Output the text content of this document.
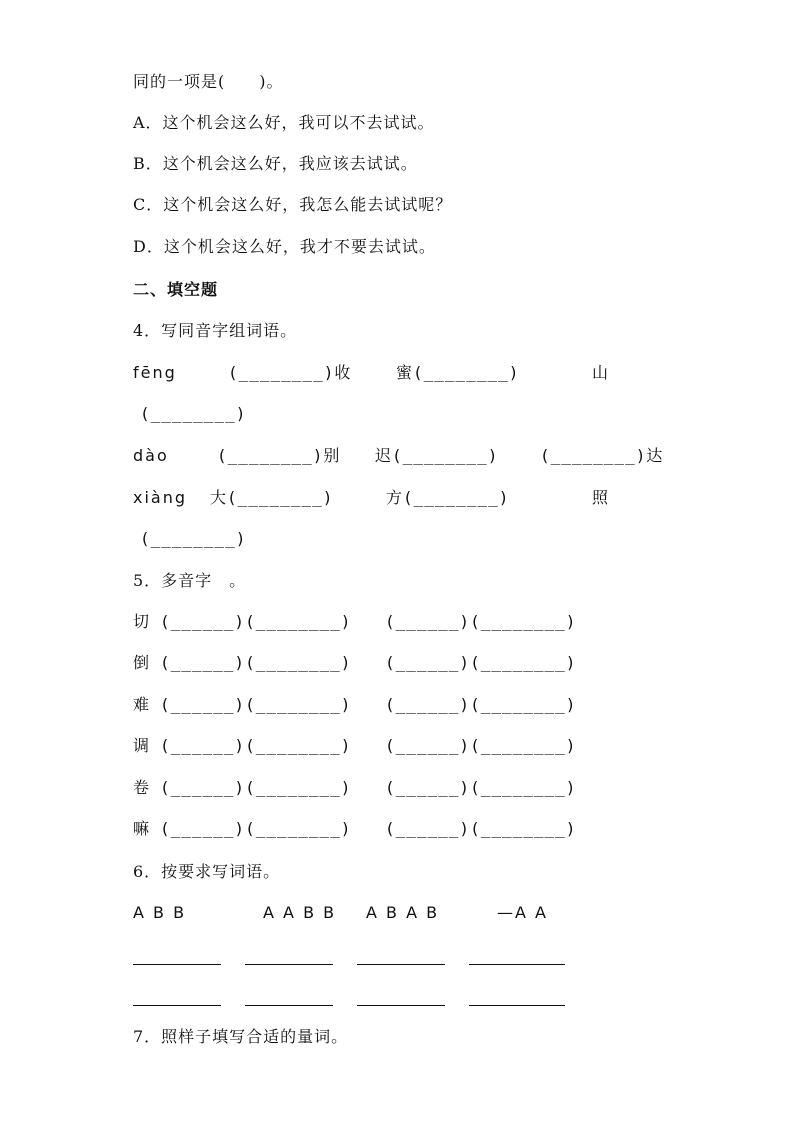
同的一项是(　　)。
A．这个机会这么好，我可以不去试试。
B．这个机会这么好，我应该去试试。
C．这个机会这么好，我怎么能去试试呢？
D．这个机会这么好，我才不要去试试。
二、填空题
4．写同音字组词语。
fēng	(________)收	蜜(________)	山
(________)
dào	(________)别 迟(________)	(________)达
xiàng 大(________)	方(________)	照
(________)
5．多音字　。
切 (______)(________) (______)(________)
倒 (______)(________) (______)(________)
难 (______)(________) (______)(________)
调 (______)(________) (______)(________)
卷 (______)(________) (______)(________)
嘛 (______)(________) (______)(________)
6．按要求写词语。
A B B	A A B B A B A B	—A A
7．照样子填写合适的量词。
